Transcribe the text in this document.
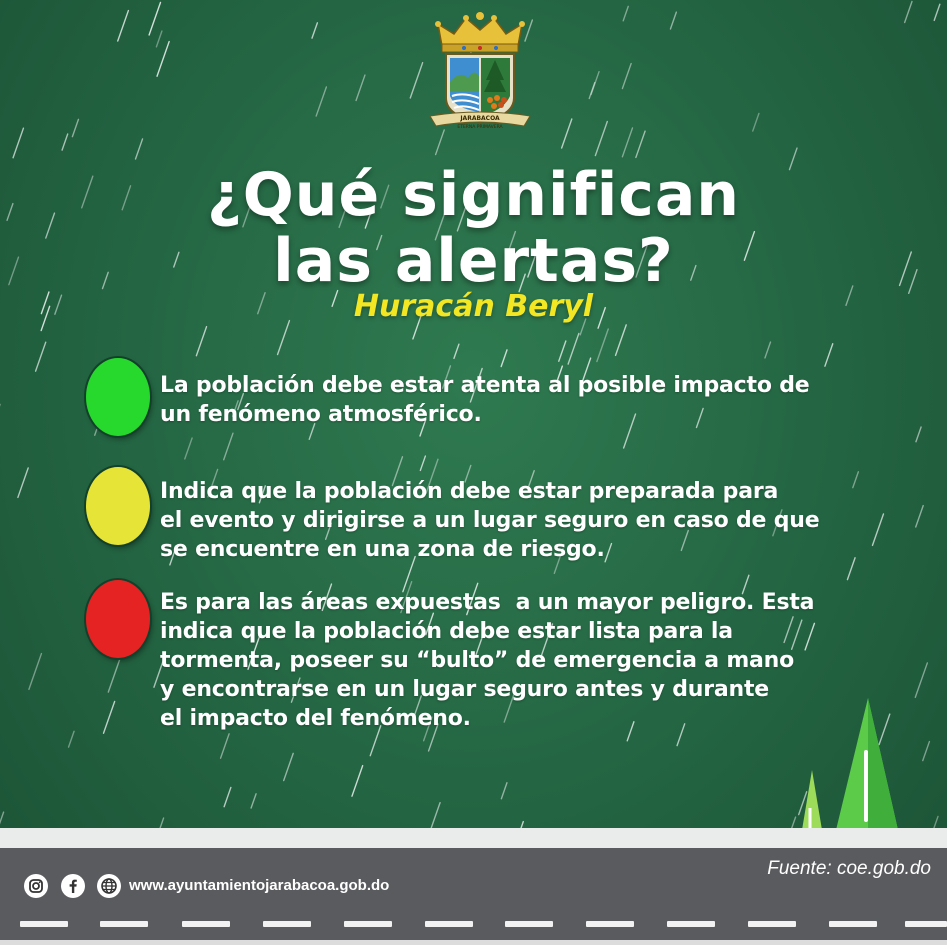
JARABACOA
ETERNA PRIMAVERA
¿Qué significan
las alertas?
Huracán Beryl
La población debe estar atenta al posible impacto de
un fenómeno atmosférico.
Indica que la población debe estar preparada para
el evento y dirigirse a un lugar seguro en caso de que
se encuentre en una zona de riesgo.
Es para las áreas expuestas  a un mayor peligro. Esta
indica que la población debe estar lista para la
tormenta, poseer su “bulto” de emergencia a mano
y encontrarse en un lugar seguro antes y durante
el impacto del fenómeno.
Fuente: coe.gob.do
www.ayuntamientojarabacoa.gob.do
